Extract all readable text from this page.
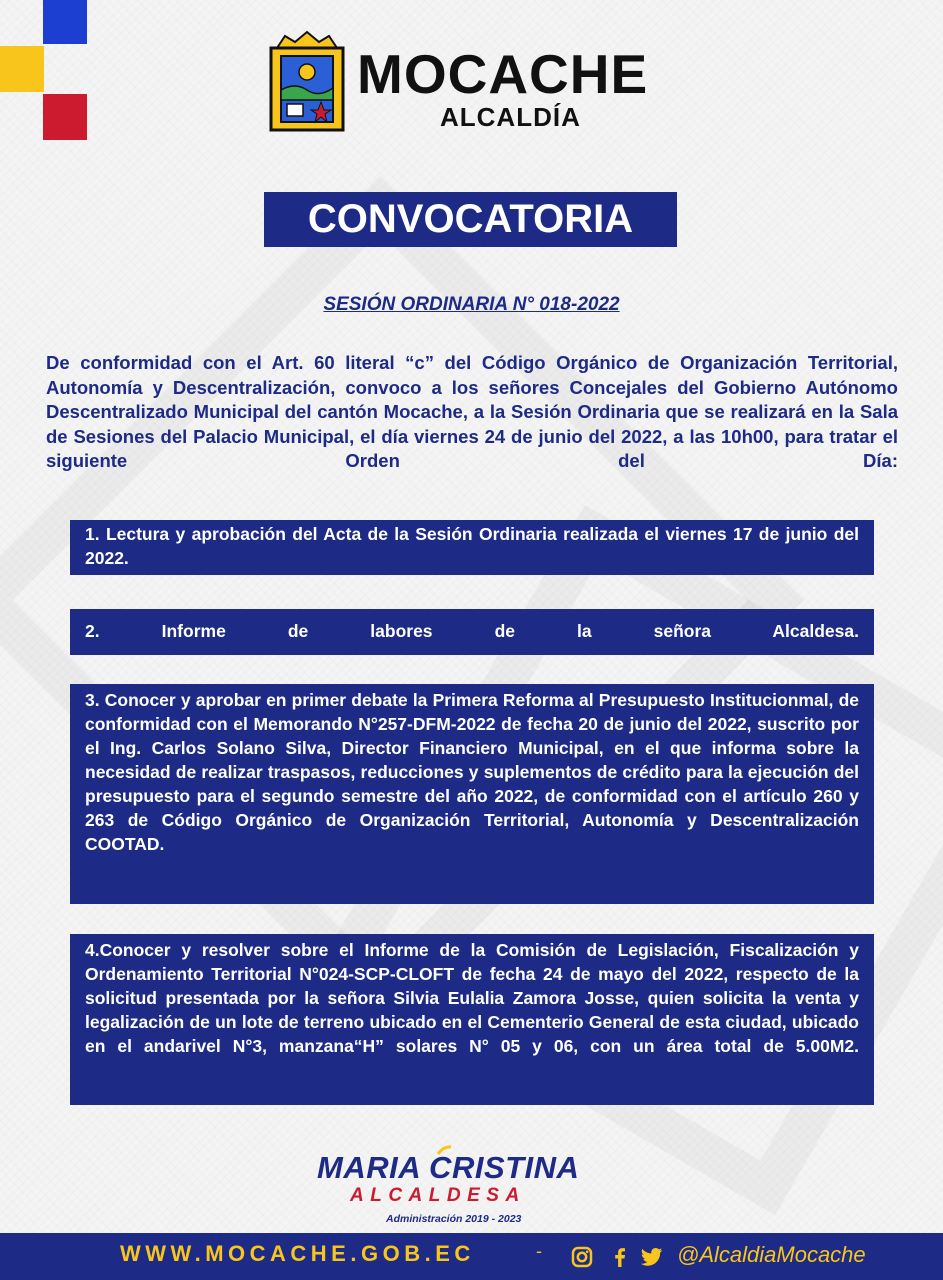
MOCACHE
ALCALDÍA
CONVOCATORIA
SESIÓN ORDINARIA N° 018-2022
De conformidad con el Art. 60 literal “c” del Código Orgánico de Organización Territorial, Autonomía y Descentralización, convoco a los señores Concejales del Gobierno Autónomo Descentralizado Municipal del cantón Mocache, a la Sesión Ordinaria que se realizará en la Sala de Sesiones del Palacio Municipal, el día viernes 24 de junio del 2022, a las 10h00, para tratar el siguiente Orden del Día:
1. Lectura y aprobación del Acta de la Sesión Ordinaria realizada el viernes 17 de junio del 2022.
2. Informe de labores de la señora Alcaldesa.
3. Conocer y aprobar en primer debate la Primera Reforma al Presupuesto Institucionmal, de conformidad con el Memorando N°257-DFM-2022 de fecha 20 de junio del 2022, suscrito por el Ing. Carlos Solano Silva, Director Financiero Municipal, en el que informa sobre la necesidad de realizar traspasos, reducciones y suplementos de crédito para la ejecución del presupuesto para el segundo semestre del año 2022, de conformidad con el artículo 260 y 263 de Código Orgánico de Organización Territorial, Autonomía y Descentralización COOTAD.
4.Conocer y resolver sobre el Informe de la Comisión de Legislación, Fiscalización y Ordenamiento Territorial N°024-SCP-CLOFT de fecha 24 de mayo del 2022, respecto de la solicitud presentada por la señora Silvia Eulalia Zamora Josse, quien solicita la venta y legalización de un lote de terreno ubicado en el Cementerio General de esta ciudad, ubicado en el andarivel N°3, manzana“H” solares N° 05 y 06, con un área total de 5.00M2.
MARIA CRISTINA
ALCALDESA
Administración 2019 - 2023
WWW.MOCACHE.GOB.EC	-	@AlcaldiaMocache
